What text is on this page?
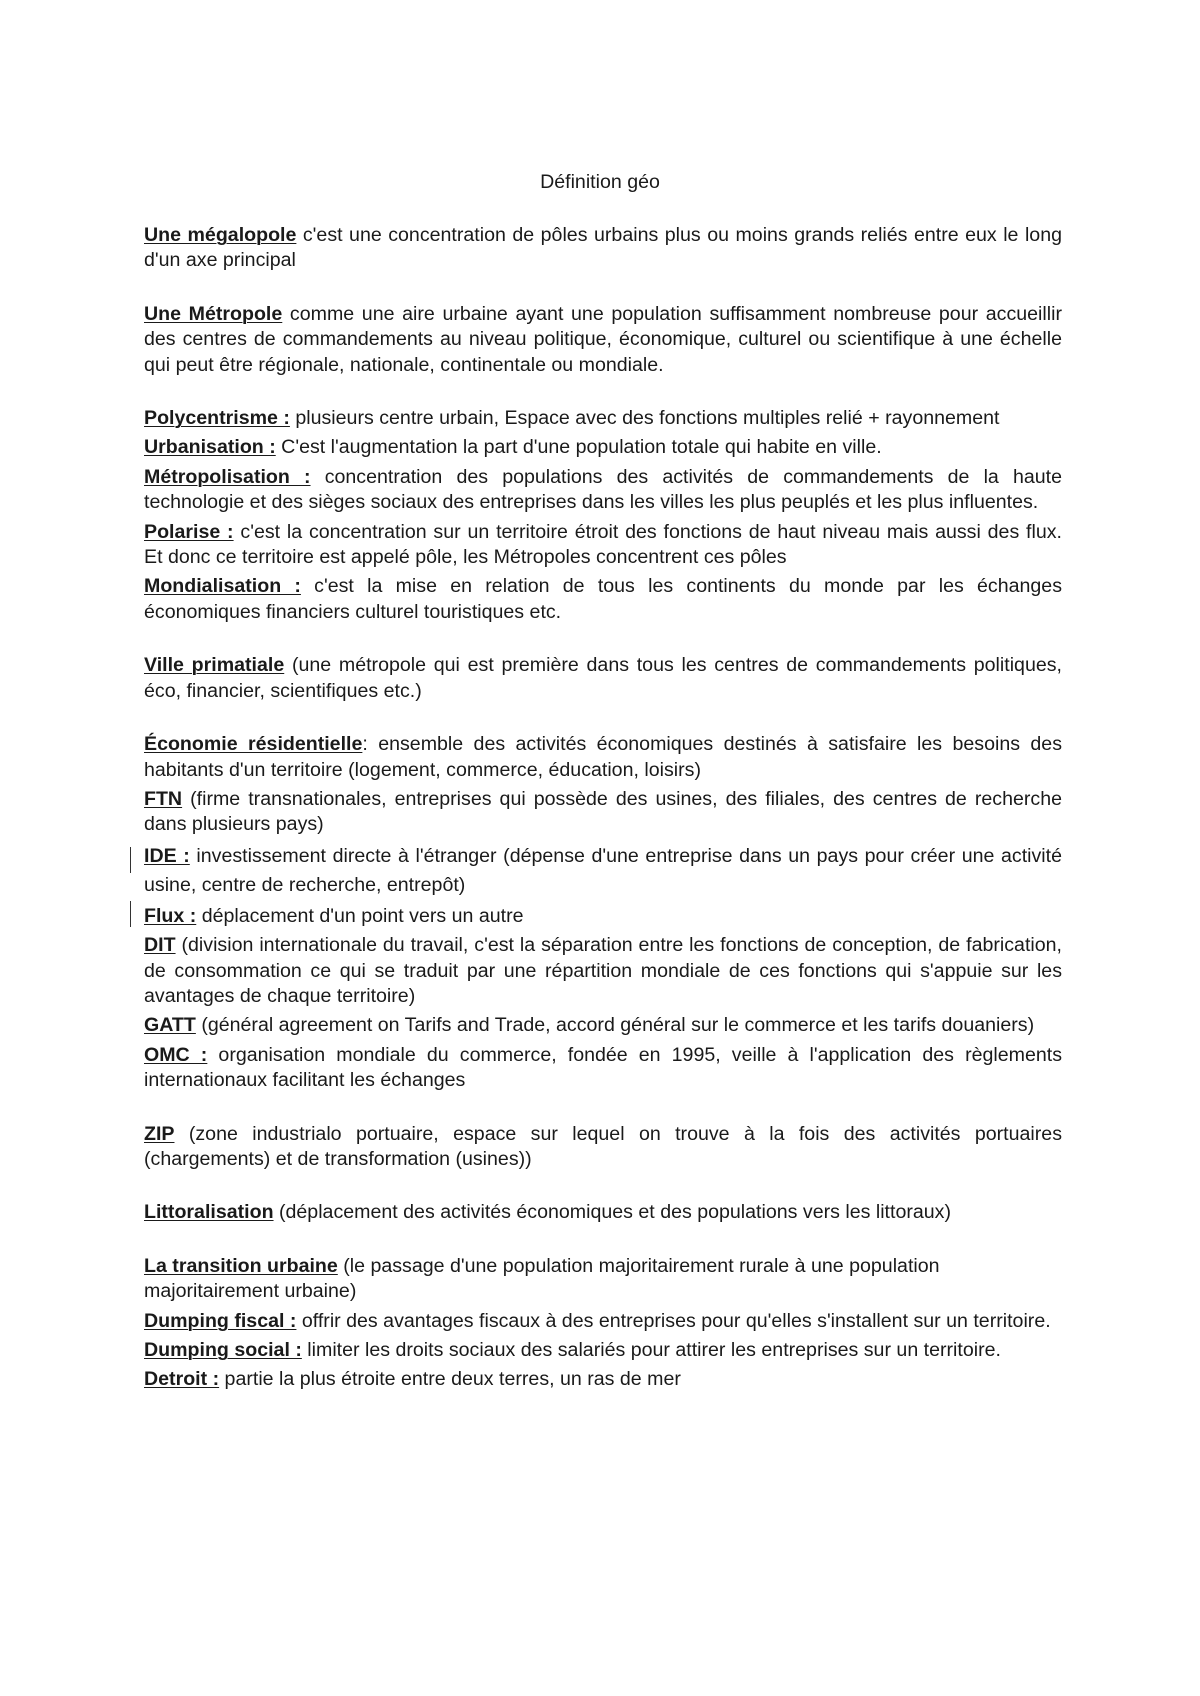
Définition géo

Une mégalopole c'est une concentration de pôles urbains plus ou moins grands reliés entre eux le long d'un axe principal

Une Métropole comme une aire urbaine ayant une population suffisamment nombreuse pour accueillir des centres de commandements au niveau politique, économique, culturel ou scientifique à une échelle qui peut être régionale, nationale, continentale ou mondiale.

Polycentrisme : plusieurs centre urbain, Espace avec des fonctions multiples relié + rayonnement

Urbanisation : C'est l'augmentation la part d'une population totale qui habite en ville.

Métropolisation : concentration des populations des activités de commandements de la haute technologie et des sièges sociaux des entreprises dans les villes les plus peuplés et les plus influentes.

Polarise : c'est la concentration sur un territoire étroit des fonctions de haut niveau mais aussi des flux. Et donc ce territoire est appelé pôle, les Métropoles concentrent ces pôles

Mondialisation : c'est la mise en relation de tous les continents du monde par les échanges économiques financiers culturel touristiques etc.

Ville primatiale (une métropole qui est première dans tous les centres de commandements politiques, éco, financier, scientifiques etc.)

Économie résidentielle: ensemble des activités économiques destinés à satisfaire les besoins des habitants d'un territoire (logement, commerce, éducation, loisirs)

FTN (firme transnationales, entreprises qui possède des usines, des filiales, des centres de recherche dans plusieurs pays)

IDE : investissement directe à l'étranger (dépense d'une entreprise dans un pays pour créer une activité usine, centre de recherche, entrepôt)

Flux : déplacement d'un point vers un autre

DIT (division internationale du travail, c'est la séparation entre les fonctions de conception, de fabrication, de consommation ce qui se traduit par une répartition mondiale de ces fonctions qui s'appuie sur les avantages de chaque territoire)

GATT (général agreement on Tarifs and Trade, accord général sur le commerce et les tarifs douaniers)

OMC : organisation mondiale du commerce, fondée en 1995, veille à l'application des règlements internationaux facilitant les échanges

ZIP (zone industrialo portuaire, espace sur lequel on trouve à la fois des activités portuaires (chargements) et de transformation (usines))

Littoralisation (déplacement des activités économiques et des populations vers les littoraux)

La transition urbaine (le passage d'une population majoritairement rurale à une population majoritairement urbaine)

Dumping fiscal : offrir des avantages fiscaux à des entreprises pour qu'elles s'installent sur un territoire.

Dumping social : limiter les droits sociaux des salariés pour attirer les entreprises sur un territoire.

Detroit : partie la plus étroite entre deux terres, un ras de mer
